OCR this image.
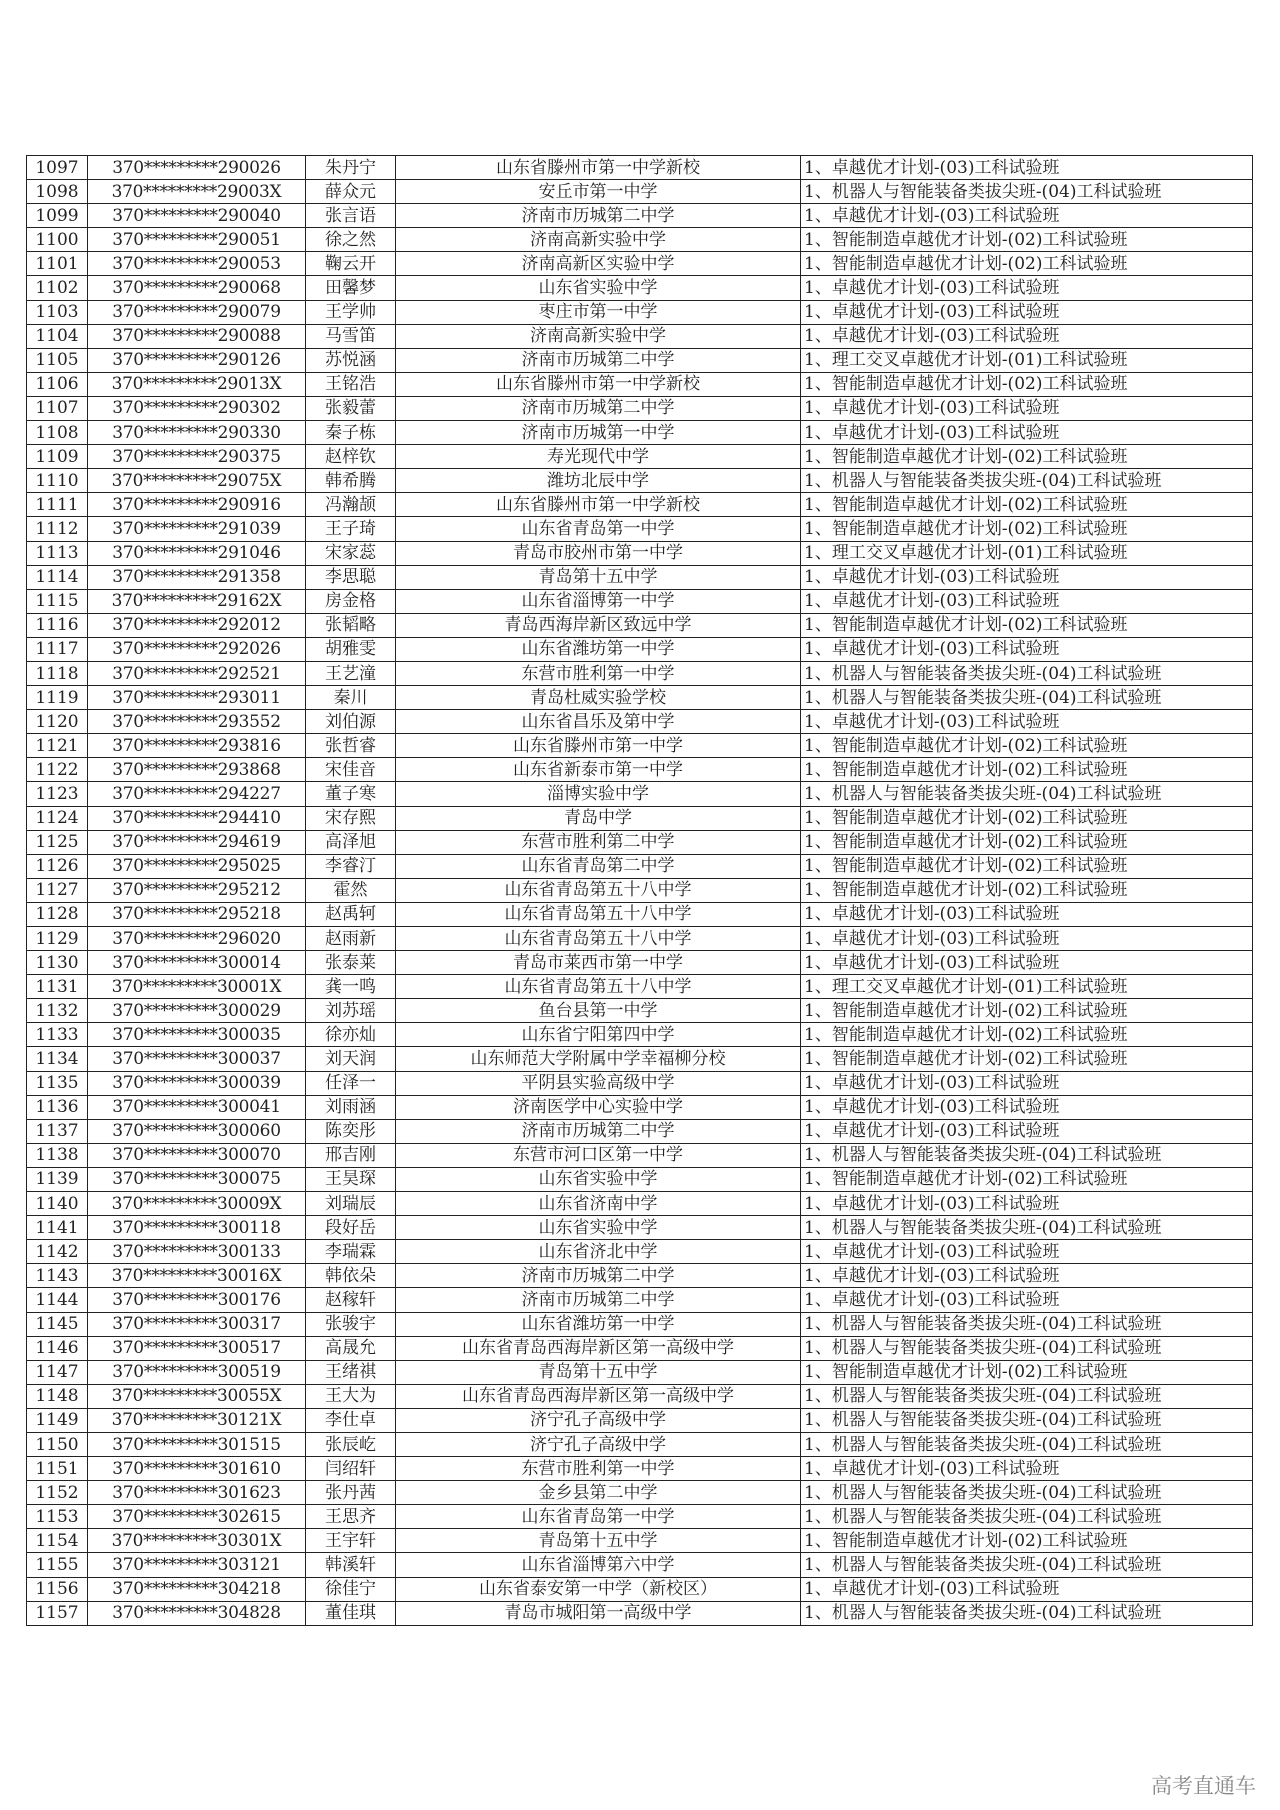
1097	370*********290026	朱丹宁	山东省滕州市第一中学新校	1、卓越优才计划-(03)工科试验班
1098	370*********29003X	薛众元	安丘市第一中学	1、机器人与智能装备类拔尖班-(04)工科试验班
1099	370*********290040	张言语	济南市历城第二中学	1、卓越优才计划-(03)工科试验班
1100	370*********290051	徐之然	济南高新实验中学	1、智能制造卓越优才计划-(02)工科试验班
1101	370*********290053	鞠云开	济南高新区实验中学	1、智能制造卓越优才计划-(02)工科试验班
1102	370*********290068	田馨梦	山东省实验中学	1、卓越优才计划-(03)工科试验班
1103	370*********290079	王学帅	枣庄市第一中学	1、卓越优才计划-(03)工科试验班
1104	370*********290088	马雪笛	济南高新实验中学	1、卓越优才计划-(03)工科试验班
1105	370*********290126	苏悦涵	济南市历城第二中学	1、理工交叉卓越优才计划-(01)工科试验班
1106	370*********29013X	王铭浩	山东省滕州市第一中学新校	1、智能制造卓越优才计划-(02)工科试验班
1107	370*********290302	张毅蕾	济南市历城第二中学	1、卓越优才计划-(03)工科试验班
1108	370*********290330	秦子栋	济南市历城第一中学	1、卓越优才计划-(03)工科试验班
1109	370*********290375	赵梓钦	寿光现代中学	1、智能制造卓越优才计划-(02)工科试验班
1110	370*********29075X	韩希腾	潍坊北辰中学	1、机器人与智能装备类拔尖班-(04)工科试验班
1111	370*********290916	冯瀚颉	山东省滕州市第一中学新校	1、智能制造卓越优才计划-(02)工科试验班
1112	370*********291039	王子琦	山东省青岛第一中学	1、智能制造卓越优才计划-(02)工科试验班
1113	370*********291046	宋家蕊	青岛市胶州市第一中学	1、理工交叉卓越优才计划-(01)工科试验班
1114	370*********291358	李思聪	青岛第十五中学	1、卓越优才计划-(03)工科试验班
1115	370*********29162X	房金格	山东省淄博第一中学	1、卓越优才计划-(03)工科试验班
1116	370*********292012	张韬略	青岛西海岸新区致远中学	1、智能制造卓越优才计划-(02)工科试验班
1117	370*********292026	胡雅雯	山东省潍坊第一中学	1、卓越优才计划-(03)工科试验班
1118	370*********292521	王艺潼	东营市胜利第一中学	1、机器人与智能装备类拔尖班-(04)工科试验班
1119	370*********293011	秦川	青岛杜威实验学校	1、机器人与智能装备类拔尖班-(04)工科试验班
1120	370*********293552	刘伯源	山东省昌乐及第中学	1、卓越优才计划-(03)工科试验班
1121	370*********293816	张哲睿	山东省滕州市第一中学	1、智能制造卓越优才计划-(02)工科试验班
1122	370*********293868	宋佳音	山东省新泰市第一中学	1、智能制造卓越优才计划-(02)工科试验班
1123	370*********294227	董子寒	淄博实验中学	1、机器人与智能装备类拔尖班-(04)工科试验班
1124	370*********294410	宋存熙	青岛中学	1、智能制造卓越优才计划-(02)工科试验班
1125	370*********294619	高泽旭	东营市胜利第二中学	1、智能制造卓越优才计划-(02)工科试验班
1126	370*********295025	李睿汀	山东省青岛第二中学	1、智能制造卓越优才计划-(02)工科试验班
1127	370*********295212	霍然	山东省青岛第五十八中学	1、智能制造卓越优才计划-(02)工科试验班
1128	370*********295218	赵禹轲	山东省青岛第五十八中学	1、卓越优才计划-(03)工科试验班
1129	370*********296020	赵雨新	山东省青岛第五十八中学	1、卓越优才计划-(03)工科试验班
1130	370*********300014	张泰莱	青岛市莱西市第一中学	1、卓越优才计划-(03)工科试验班
1131	370*********30001X	龚一鸣	山东省青岛第五十八中学	1、理工交叉卓越优才计划-(01)工科试验班
1132	370*********300029	刘苏瑶	鱼台县第一中学	1、智能制造卓越优才计划-(02)工科试验班
1133	370*********300035	徐亦灿	山东省宁阳第四中学	1、智能制造卓越优才计划-(02)工科试验班
1134	370*********300037	刘天润	山东师范大学附属中学幸福柳分校	1、智能制造卓越优才计划-(02)工科试验班
1135	370*********300039	任泽一	平阴县实验高级中学	1、卓越优才计划-(03)工科试验班
1136	370*********300041	刘雨涵	济南医学中心实验中学	1、卓越优才计划-(03)工科试验班
1137	370*********300060	陈奕彤	济南市历城第二中学	1、卓越优才计划-(03)工科试验班
1138	370*********300070	邢吉刚	东营市河口区第一中学	1、机器人与智能装备类拔尖班-(04)工科试验班
1139	370*********300075	王昊琛	山东省实验中学	1、智能制造卓越优才计划-(02)工科试验班
1140	370*********30009X	刘瑞辰	山东省济南中学	1、卓越优才计划-(03)工科试验班
1141	370*********300118	段好岳	山东省实验中学	1、机器人与智能装备类拔尖班-(04)工科试验班
1142	370*********300133	李瑞霖	山东省济北中学	1、卓越优才计划-(03)工科试验班
1143	370*********30016X	韩依朵	济南市历城第二中学	1、卓越优才计划-(03)工科试验班
1144	370*********300176	赵稼轩	济南市历城第二中学	1、卓越优才计划-(03)工科试验班
1145	370*********300317	张骏宇	山东省潍坊第一中学	1、机器人与智能装备类拔尖班-(04)工科试验班
1146	370*********300517	高晟允	山东省青岛西海岸新区第一高级中学	1、机器人与智能装备类拔尖班-(04)工科试验班
1147	370*********300519	王绪祺	青岛第十五中学	1、智能制造卓越优才计划-(02)工科试验班
1148	370*********30055X	王大为	山东省青岛西海岸新区第一高级中学	1、机器人与智能装备类拔尖班-(04)工科试验班
1149	370*********30121X	李仕卓	济宁孔子高级中学	1、机器人与智能装备类拔尖班-(04)工科试验班
1150	370*********301515	张辰屹	济宁孔子高级中学	1、机器人与智能装备类拔尖班-(04)工科试验班
1151	370*********301610	闫绍轩	东营市胜利第一中学	1、卓越优才计划-(03)工科试验班
1152	370*********301623	张丹茜	金乡县第二中学	1、机器人与智能装备类拔尖班-(04)工科试验班
1153	370*********302615	王思齐	山东省青岛第一中学	1、机器人与智能装备类拔尖班-(04)工科试验班
1154	370*********30301X	王宇轩	青岛第十五中学	1、智能制造卓越优才计划-(02)工科试验班
1155	370*********303121	韩溪轩	山东省淄博第六中学	1、机器人与智能装备类拔尖班-(04)工科试验班
1156	370*********304218	徐佳宁	山东省泰安第一中学（新校区）	1、卓越优才计划-(03)工科试验班
1157	370*********304828	董佳琪	青岛市城阳第一高级中学	1、机器人与智能装备类拔尖班-(04)工科试验班
高考直通车
